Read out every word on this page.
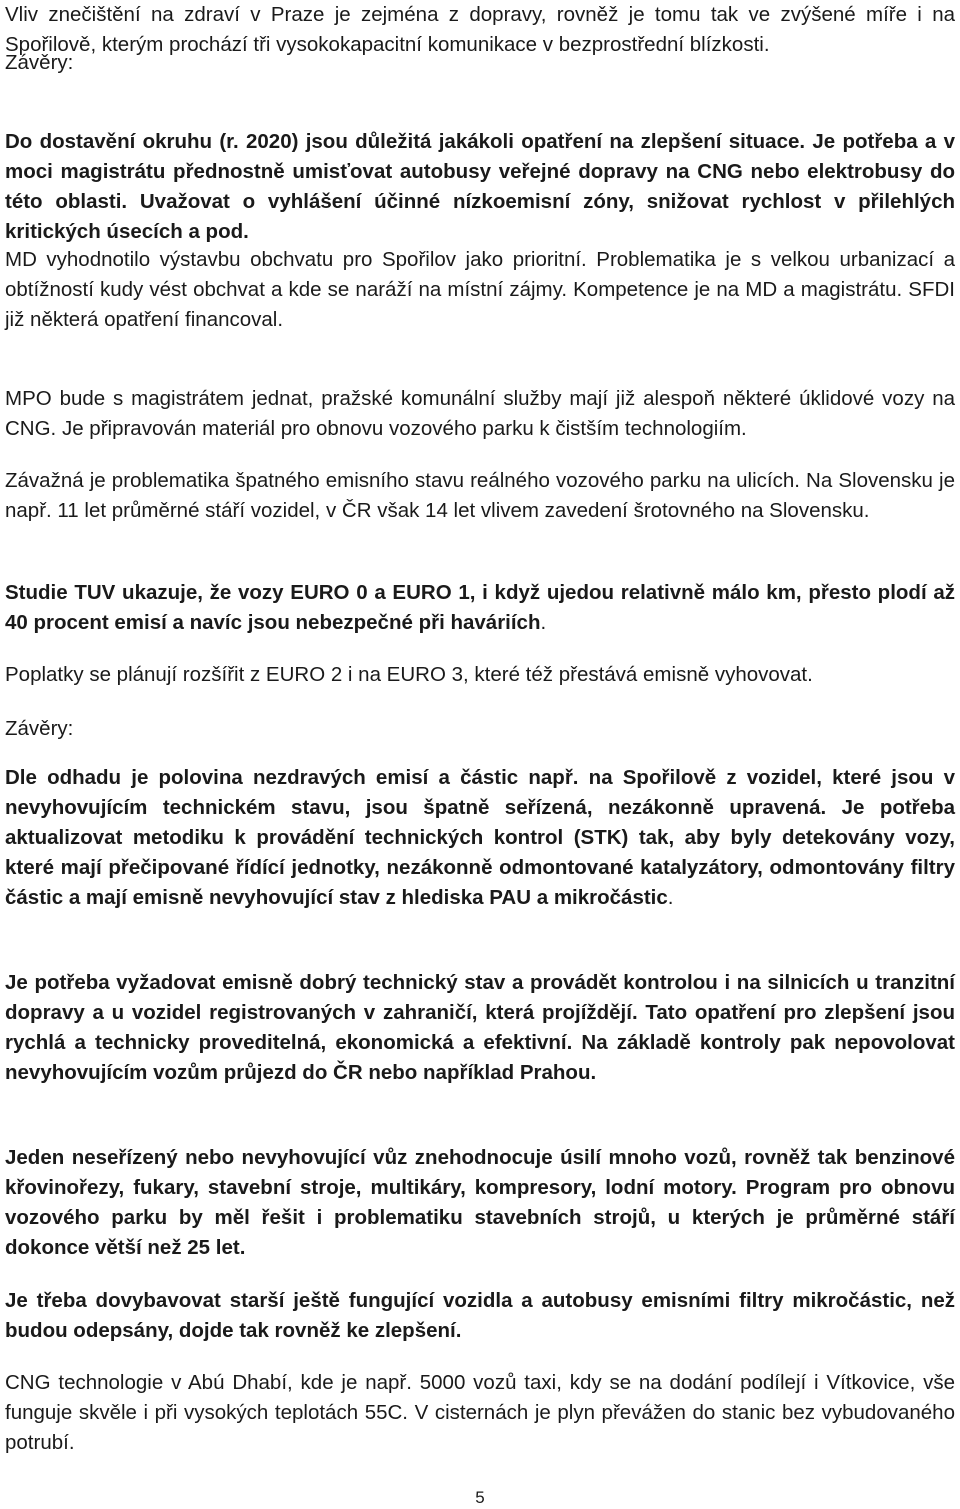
Vliv znečištění na zdraví v Praze je zejména z dopravy, rovněž je tomu tak ve zvýšené míře i na Spořilově, kterým prochází tři vysokokapacitní komunikace v bezprostřední blízkosti.

Závěry:

Do dostavění okruhu (r. 2020) jsou důležitá jakákoli opatření na zlepšení situace. Je potřeba a v moci magistrátu přednostně umisťovat autobusy veřejné dopravy na CNG nebo elektrobusy do této oblasti. Uvažovat o vyhlášení účinné nízkoemisní zóny, snižovat rychlost v přilehlých kritických úsecích a pod.

MD vyhodnotilo výstavbu obchvatu pro Spořilov jako prioritní. Problematika je s velkou urbanizací a obtížností kudy vést obchvat a kde se naráží na místní zájmy. Kompetence je na MD a magistrátu. SFDI již některá opatření financoval.

MPO bude s magistrátem jednat, pražské komunální služby mají již alespoň některé úklidové vozy na CNG. Je připravován materiál pro obnovu vozového parku k čistším technologiím.

Závažná je problematika špatného emisního stavu reálného vozového parku na ulicích. Na Slovensku je např. 11 let průměrné stáří vozidel, v ČR však 14 let vlivem zavedení šrotovného na Slovensku.

Studie TUV ukazuje, že vozy EURO 0 a EURO 1, i když ujedou relativně málo km, přesto plodí až 40 procent emisí a navíc jsou nebezpečné při haváriích.

Poplatky se plánují rozšířit z EURO 2 i na EURO 3, které též přestává emisně vyhovovat.

Závěry:

Dle odhadu je polovina nezdravých emisí a částic např. na Spořilově z vozidel, které jsou v nevyhovujícím technickém stavu, jsou špatně seřízená, nezákonně upravená. Je potřeba aktualizovat metodiku k provádění technických kontrol (STK) tak, aby byly detekovány vozy, které mají přečipované řídící jednotky, nezákonně odmontované katalyzátory, odmontovány filtry částic a mají emisně nevyhovující stav z hlediska PAU a mikročástic.

Je potřeba vyžadovat emisně dobrý technický stav a provádět kontrolou i na silnicích u tranzitní dopravy a u vozidel registrovaných v zahraničí, která projíždějí. Tato opatření pro zlepšení jsou rychlá a technicky proveditelná, ekonomická a efektivní. Na základě kontroly pak nepovolovat nevyhovujícím vozům průjezd do ČR nebo například Prahou.

Jeden neseřízený nebo nevyhovující vůz znehodnocuje úsilí mnoho vozů, rovněž tak benzinové křovinořezy, fukary, stavební stroje, multikáry, kompresory, lodní motory. Program pro obnovu vozového parku by měl řešit i problematiku stavebních strojů, u kterých je průměrné stáří dokonce větší než 25 let.

Je třeba dovybavovat starší ještě fungující vozidla a autobusy emisními filtry mikročástic, než budou odepsány, dojde tak rovněž ke zlepšení.

CNG technologie v Abú Dhabí, kde je např. 5000 vozů taxi, kdy se na dodání podílejí i Vítkovice, vše funguje skvěle i při vysokých teplotách 55C. V cisternách je plyn převážen do stanic bez vybudovaného potrubí.

5
